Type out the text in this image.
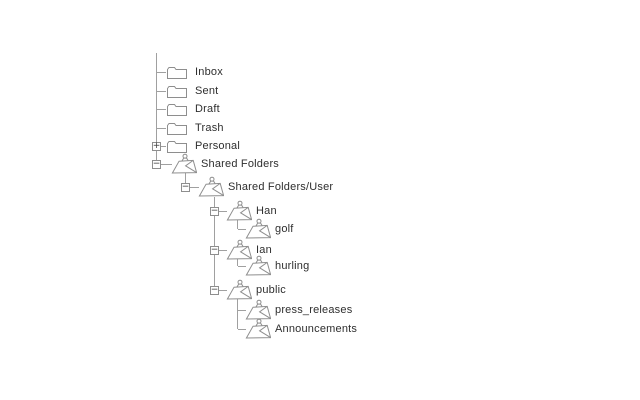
+
−
−
−
−
−
Inbox
Sent
Draft
Trash
Personal
Shared Folders
Shared Folders/User
Han
golf
Ian
hurling
public
press_releases
Announcements
